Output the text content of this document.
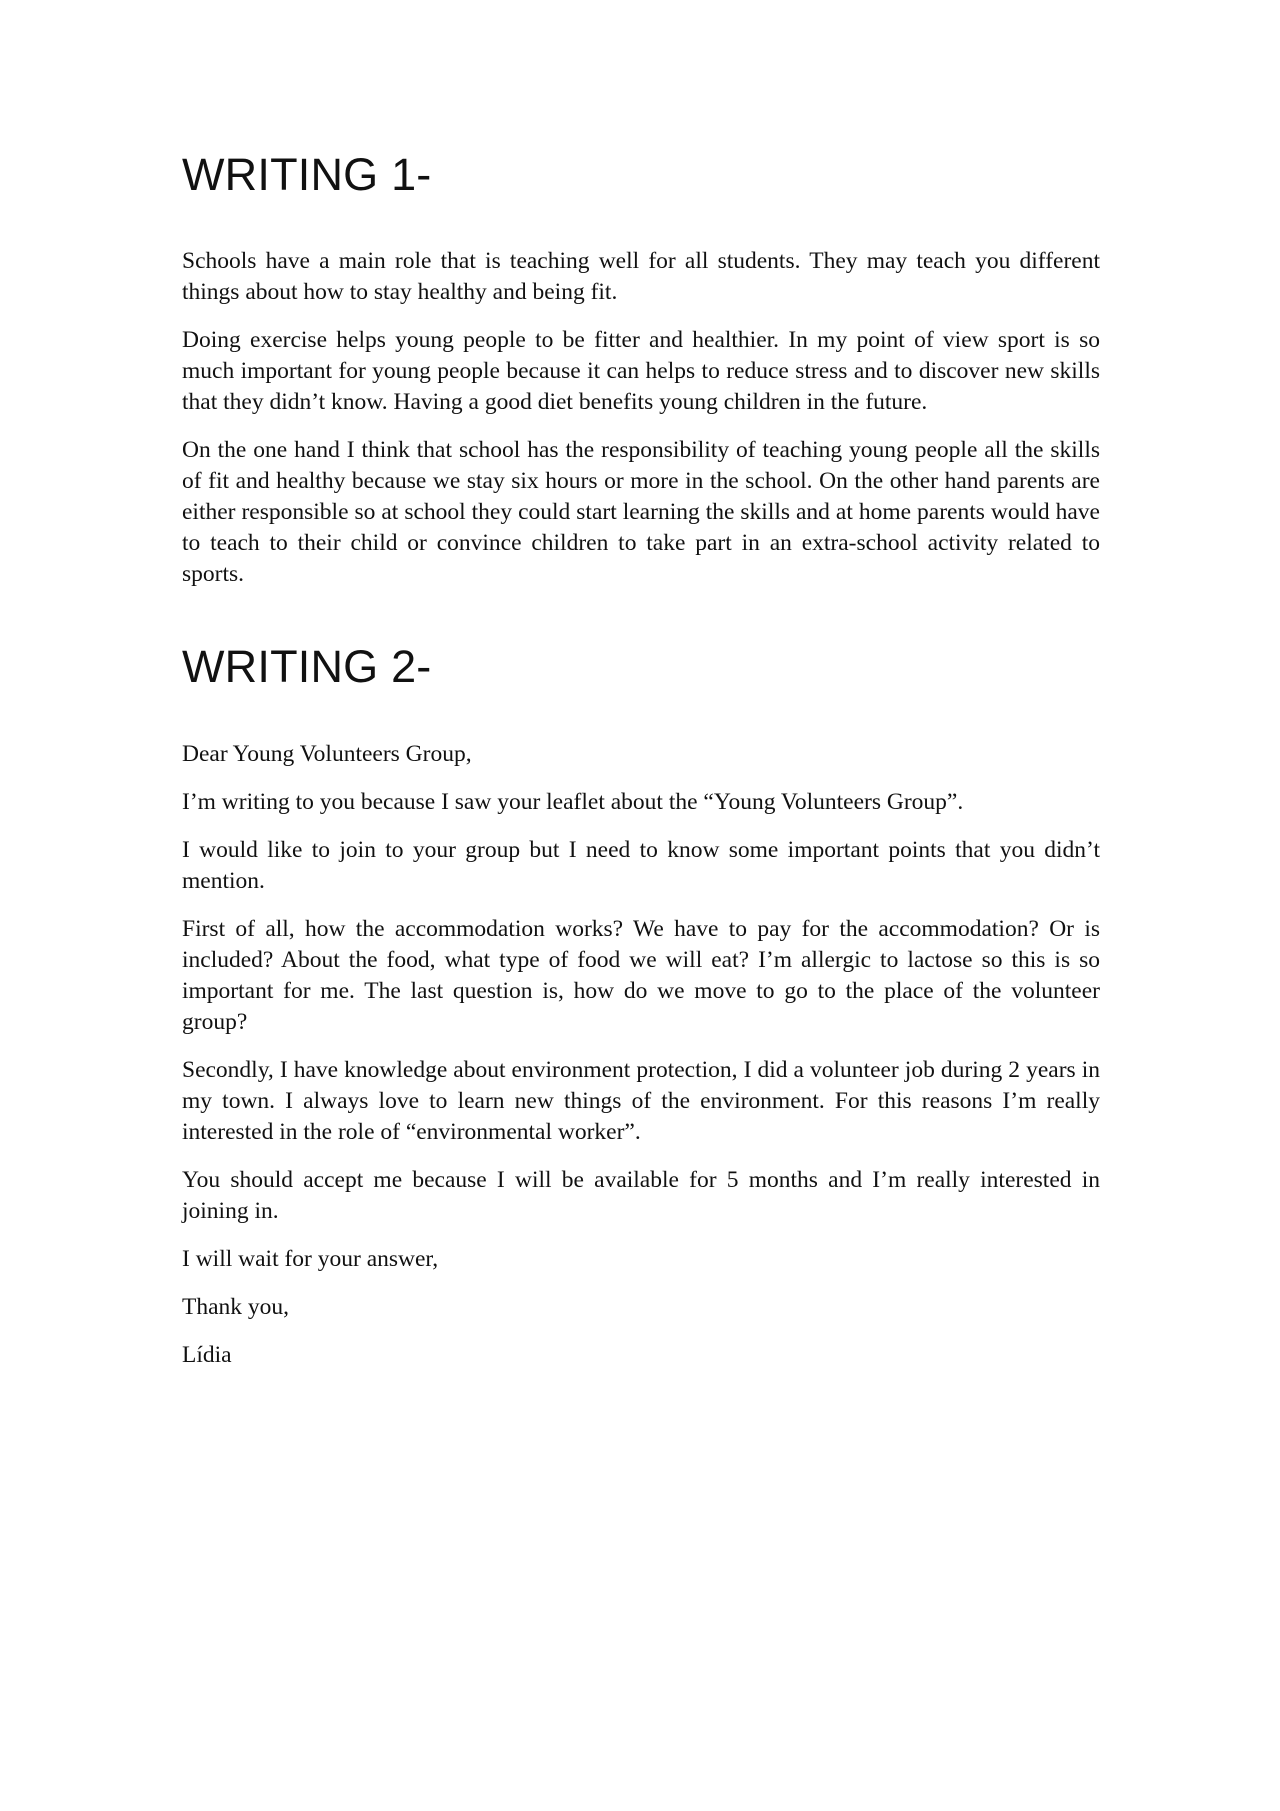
WRITING 1-

Schools have a main role that is teaching well for all students. They may teach you different things about how to stay healthy and being fit.

Doing exercise helps young people to be fitter and healthier. In my point of view sport is so much important for young people because it can helps to reduce stress and to discover new skills that they didn’t know. Having a good diet benefits young children in the future.

On the one hand I think that school has the responsibility of teaching young people all the skills of fit and healthy because we stay six hours or more in the school. On the other hand parents are either responsible so at school they could start learning the skills and at home parents would have to teach to their child or convince children to take part in an extra-school activity related to sports.

WRITING 2-

Dear Young Volunteers Group,

I’m writing to you because I saw your leaflet about the “Young Volunteers Group”.

I would like to join to your group but I need to know some important points that you didn’t mention.

First of all, how the accommodation works? We have to pay for the accommodation? Or is included? About the food, what type of food we will eat? I’m allergic to lactose so this is so important for me. The last question is, how do we move to go to the place of the volunteer group?

Secondly, I have knowledge about environment protection, I did a volunteer job during 2 years in my town. I always love to learn new things of the environment. For this reasons I’m really interested in the role of “environmental worker”.

You should accept me because I will be available for 5 months and I’m really interested in joining in.

I will wait for your answer,

Thank you,

Lídia
